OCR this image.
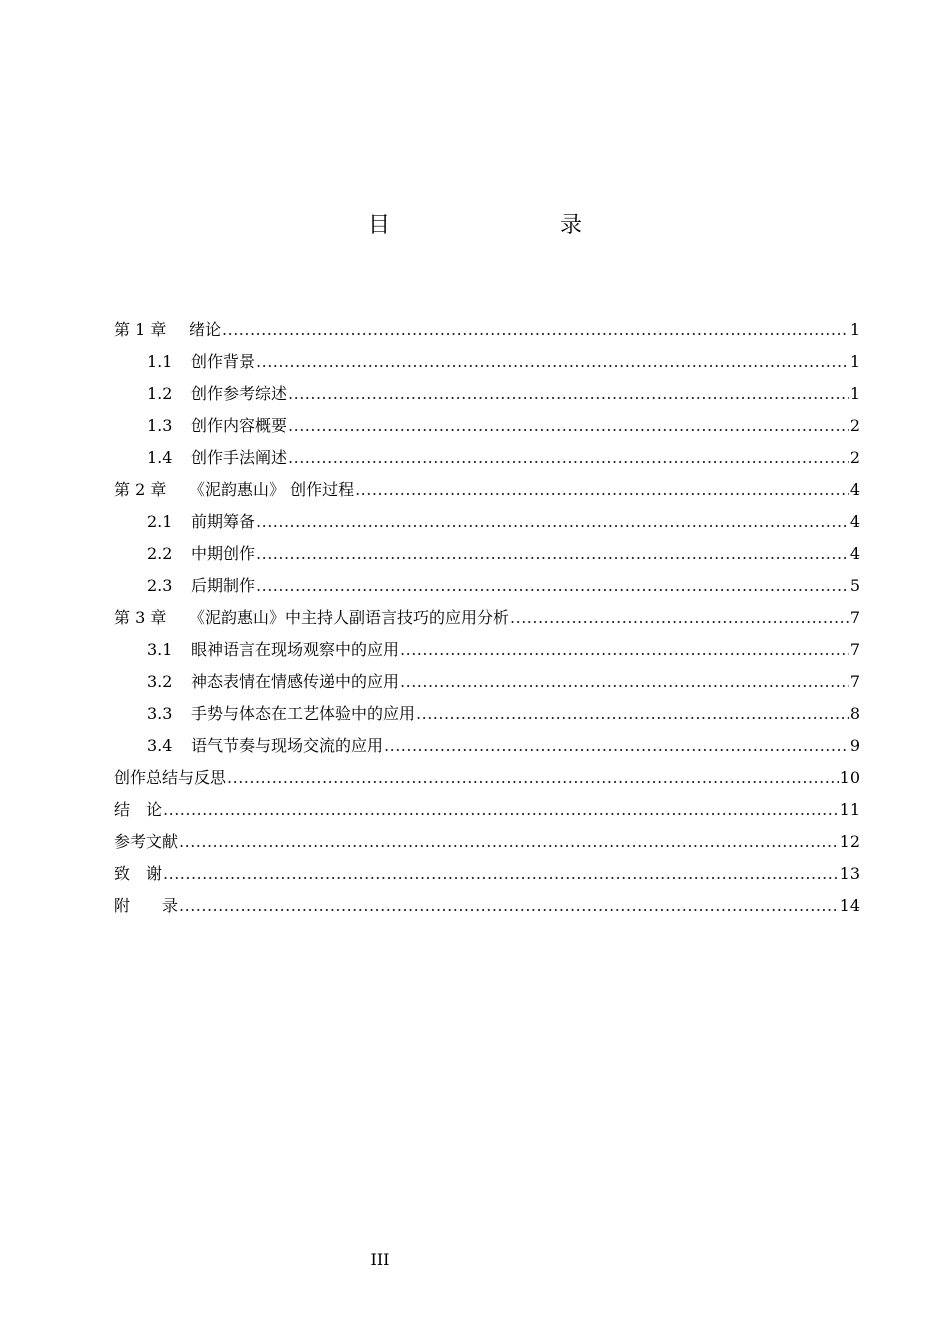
目　　录
第 1 章	绪论 .....	1
1.1	创作背景 .....	1
1.2	创作参考综述 .....	1
1.3	创作内容概要 .....	2
1.4	创作手法阐述 .....	2
第 2 章	《泥韵惠山》 创作过程 .....	4
2.1	前期筹备 .....	4
2.2	中期创作 .....	4
2.3	后期制作 .....	5
第 3 章	《泥韵惠山》中主持人副语言技巧的应用分析 .....	7
3.1	眼神语言在现场观察中的应用 .....	7
3.2	神态表情在情感传递中的应用 .....	7
3.3	手势与体态在工艺体验中的应用 .....	8
3.4	语气节奏与现场交流的应用 .....	9
创作总结与反思 .....	10
结　论 .....	11
参考文献 .....	12
致　谢 .....	13
附　　录 .....	14
III
